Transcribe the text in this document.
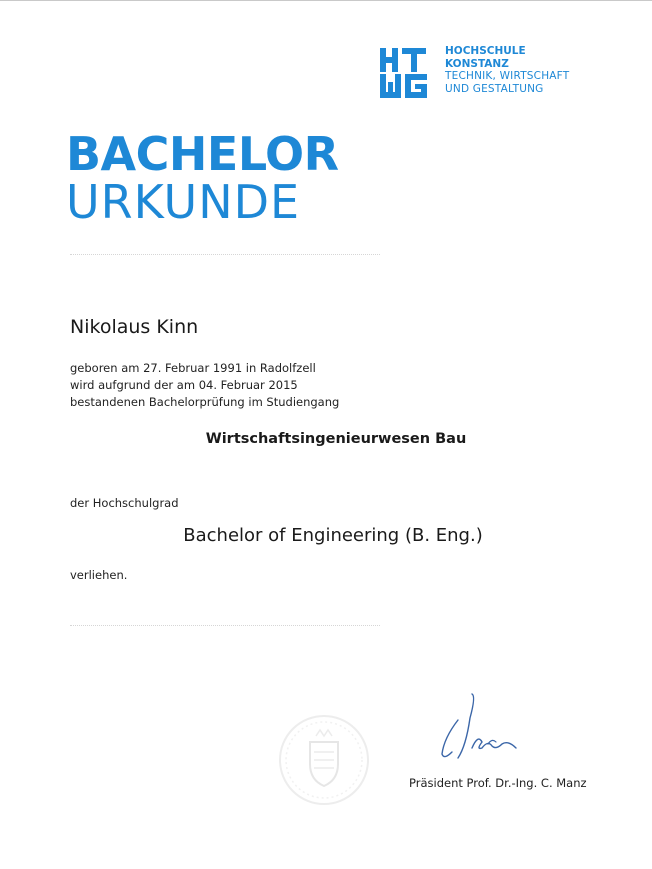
HOCHSCHULE
KONSTANZ
TECHNIK, WIRTSCHAFT
UND GESTALTUNG
BACHELOR
URKUNDE
Nikolaus Kinn
geboren am 27. Februar 1991 in Radolfzell
wird aufgrund der am 04. Februar 2015
bestandenen Bachelorprüfung im Studiengang
Wirtschaftsingenieurwesen Bau
der Hochschulgrad
Bachelor of Engineering (B. Eng.)
verliehen.
Präsident Prof. Dr.-Ing. C. Manz
